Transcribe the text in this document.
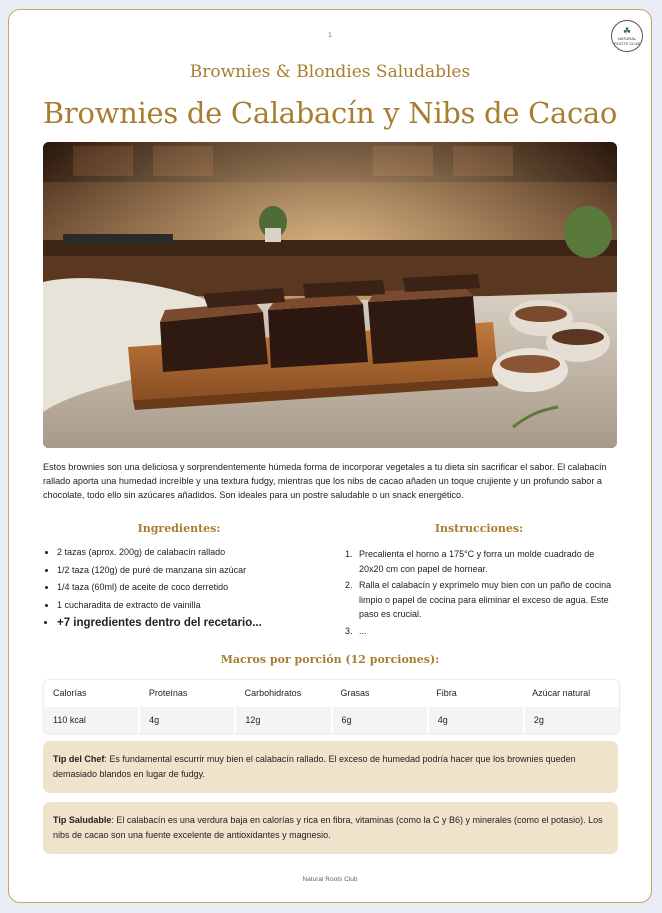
1	☘
NATURAL ROOTS CLUB
Brownies & Blondies Saludables
Brownies de Calabacín y Nibs de Cacao
Estos brownies son una deliciosa y sorprendentemente húmeda forma de incorporar vegetales a tu dieta sin sacrificar el sabor. El calabacín rallado aporta una humedad increíble y una textura fudgy, mientras que los nibs de cacao añaden un toque crujiente y un profundo sabor a chocolate, todo ello sin azúcares añadidos. Son ideales para un postre saludable o un snack energético.
Ingredientes:
• 2 tazas (aprox. 200g) de calabacín rallado
• 1/2 taza (120g) de puré de manzana sin azúcar
• 1/4 taza (60ml) de aceite de coco derretido
• 1 cucharadita de extracto de vainilla
• +7 ingredientes dentro del recetario...
Instrucciones:
1. Precalienta el horno a 175°C y forra un molde cuadrado de 20x20 cm con papel de hornear.
2. Ralla el calabacín y exprímelo muy bien con un paño de cocina limpio o papel de cocina para eliminar el exceso de agua. Este paso es crucial.
3. ...
Macros por porción (12 porciones):
Calorías	Proteínas	Carbohidratos	Grasas	Fibra	Azúcar natural
110 kcal	4g	12g	6g	4g	2g
Tip del Chef: Es fundamental escurrir muy bien el calabacín rallado. El exceso de humedad podría hacer que los brownies queden demasiado blandos en lugar de fudgy.
Tip Saludable: El calabacín es una verdura baja en calorías y rica en fibra, vitaminas (como la C y B6) y minerales (como el potasio). Los nibs de cacao son una fuente excelente de antioxidantes y magnesio.
Natural Roots Club
